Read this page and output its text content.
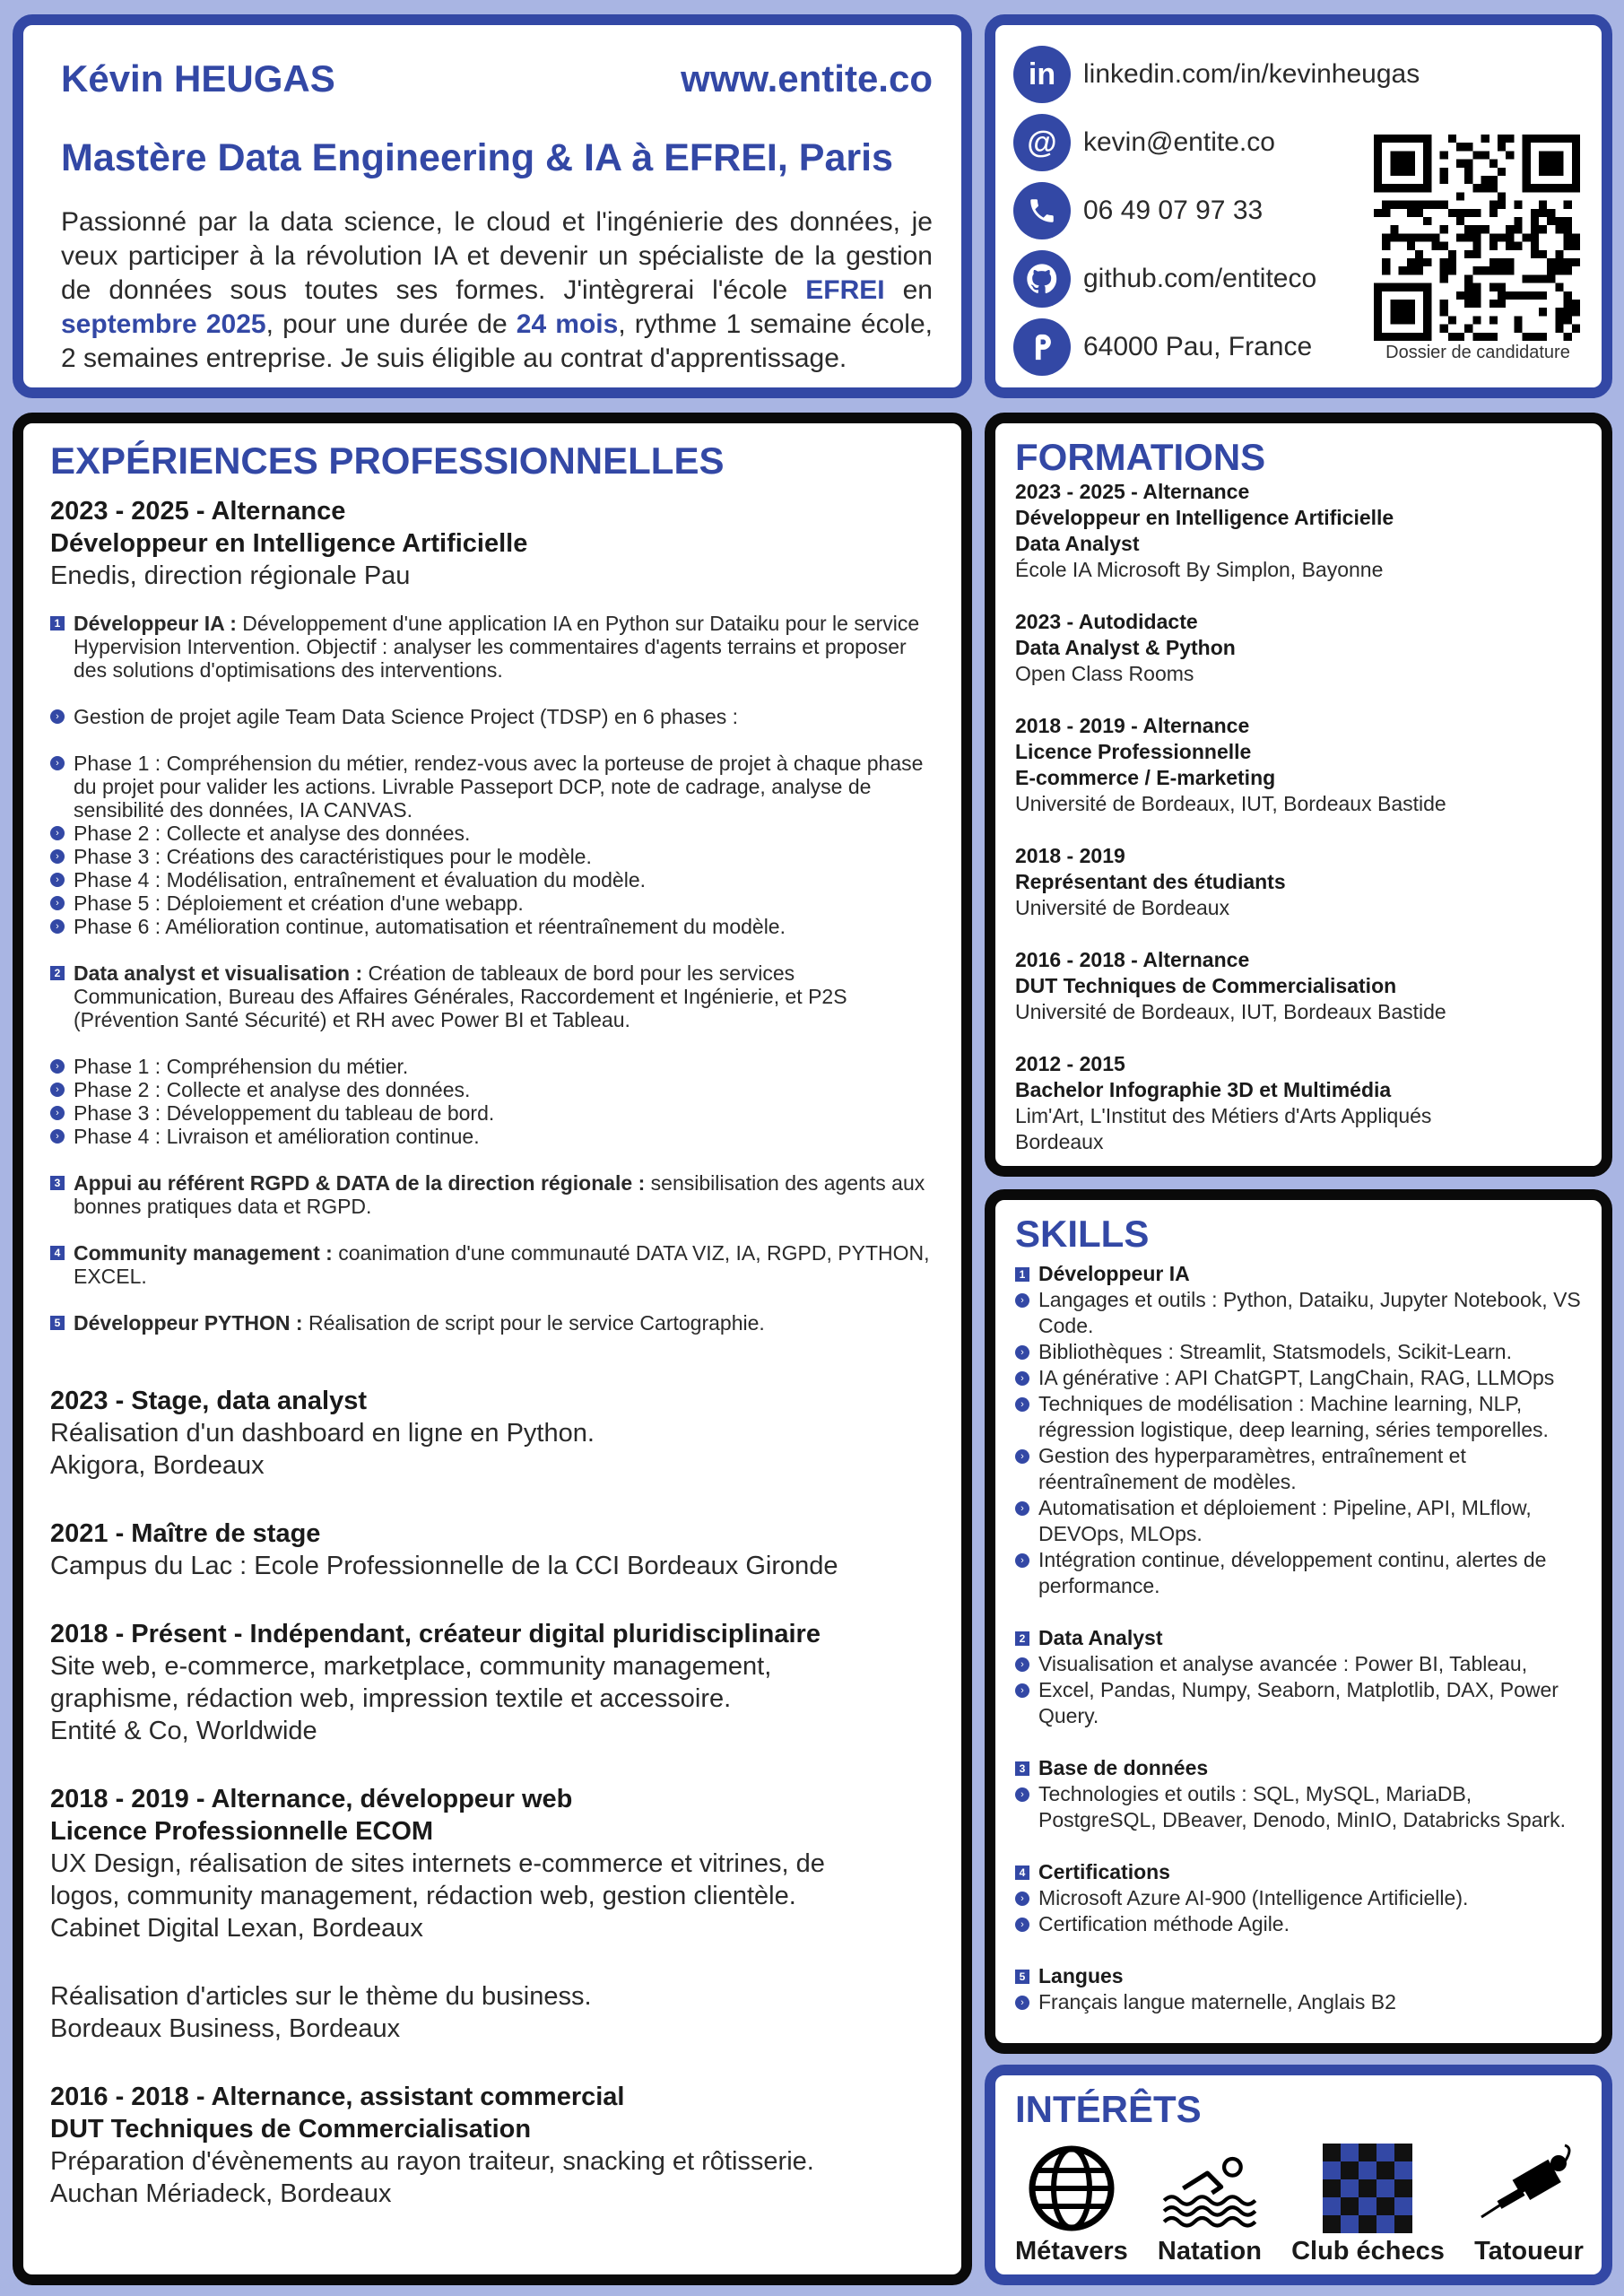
Kévin HEUGAS	www.entite.co
Mastère Data Engineering & IA à EFREI, Paris
Passionné par la data science, le cloud et l'ingénierie des données, je veux participer à la révolution IA et devenir un spécialiste de la gestion de données sous toutes ses formes. J'intègrerai l'école EFREI en septembre 2025, pour une durée de 24 mois, rythme 1 semaine école, 2 semaines entreprise. Je suis éligible au contrat d'apprentissage.
in	linkedin.com/in/kevinheugas
@ kevin@entite.co
06 49 07 97 33
github.com/entiteco
64000 Pau, France	Dossier de candidature
EXPÉRIENCES PROFESSIONNELLES
2023 - 2025 - Alternance
Développeur en Intelligence Artificielle
Enedis, direction régionale Pau
1 Développeur IA : Développement d'une application IA en Python sur Dataiku pour le service Hypervision Intervention. Objectif : analyser les commentaires d'agents terrains et proposer des solutions d'optimisations des interventions.
› Gestion de projet agile Team Data Science Project (TDSP) en 6 phases :
› Phase 1 : Compréhension du métier, rendez-vous avec la porteuse de projet à chaque phase du projet pour valider les actions. Livrable Passeport DCP, note de cadrage, analyse de sensibilité des données, IA CANVAS.
› Phase 2 : Collecte et analyse des données.
› Phase 3 : Créations des caractéristiques pour le modèle.
› Phase 4 : Modélisation, entraînement et évaluation du modèle.
› Phase 5 : Déploiement et création d'une webapp.
› Phase 6 : Amélioration continue, automatisation et réentraînement du modèle.
2 Data analyst et visualisation : Création de tableaux de bord pour les services Communication, Bureau des Affaires Générales, Raccordement et Ingénierie, et P2S (Prévention Santé Sécurité) et RH avec Power BI et Tableau.
› Phase 1 : Compréhension du métier.
› Phase 2 : Collecte et analyse des données.
› Phase 3 : Développement du tableau de bord.
› Phase 4 : Livraison et amélioration continue.
3 Appui au référent RGPD & DATA de la direction régionale : sensibilisation des agents aux bonnes pratiques data et RGPD.
4 Community management : coanimation d'une communauté DATA VIZ, IA, RGPD, PYTHON, EXCEL.
5 Développeur PYTHON : Réalisation de script pour le service Cartographie.
2023 - Stage, data analyst
Réalisation d'un dashboard en ligne en Python.
Akigora, Bordeaux
2021 - Maître de stage
Campus du Lac : Ecole Professionnelle de la CCI Bordeaux Gironde
2018 - Présent - Indépendant, créateur digital pluridisciplinaire
Site web, e-commerce, marketplace, community management,
graphisme, rédaction web, impression textile et accessoire.
Entité & Co, Worldwide
2018 - 2019 - Alternance, développeur web
Licence Professionnelle ECOM
UX Design, réalisation de sites internets e-commerce et vitrines, de
logos, community management, rédaction web, gestion clientèle.
Cabinet Digital Lexan, Bordeaux
Réalisation d'articles sur le thème du business.
Bordeaux Business, Bordeaux
2016 - 2018 - Alternance, assistant commercial
DUT Techniques de Commercialisation
Préparation d'évènements au rayon traiteur, snacking et rôtisserie.
Auchan Mériadeck, Bordeaux
FORMATIONS
2023 - 2025 - Alternance
Développeur en Intelligence Artificielle
Data Analyst
École IA Microsoft By Simplon, Bayonne
2023 - Autodidacte
Data Analyst & Python
Open Class Rooms
2018 - 2019 - Alternance
Licence Professionnelle
E-commerce / E-marketing
Université de Bordeaux, IUT, Bordeaux Bastide
2018 - 2019
Représentant des étudiants
Université de Bordeaux
2016 - 2018 - Alternance
DUT Techniques de Commercialisation
Université de Bordeaux, IUT, Bordeaux Bastide
2012 - 2015
Bachelor Infographie 3D et Multimédia
Lim'Art, L'Institut des Métiers d'Arts Appliqués
Bordeaux
SKILLS
1 Développeur IA
› Langages et outils : Python, Dataiku, Jupyter Notebook, VS Code.
› Bibliothèques : Streamlit, Statsmodels, Scikit-Learn.
› IA générative : API ChatGPT, LangChain, RAG, LLMOps
› Techniques de modélisation : Machine learning, NLP, régression logistique, deep learning, séries temporelles.
› Gestion des hyperparamètres, entraînement et réentraînement de modèles.
› Automatisation et déploiement : Pipeline, API, MLflow, DEVOps, MLOps.
› Intégration continue, développement continu, alertes de performance.
2 Data Analyst
› Visualisation et analyse avancée : Power BI, Tableau,
› Excel, Pandas, Numpy, Seaborn, Matplotlib, DAX, Power Query.
3 Base de données
› Technologies et outils : SQL, MySQL, MariaDB, PostgreSQL, DBeaver, Denodo, MinIO, Databricks Spark.
4 Certifications
› Microsoft Azure AI-900 (Intelligence Artificielle).
› Certification méthode Agile.
5 Langues
› Français langue maternelle, Anglais B2
INTÉRÊTS
Métavers Natation Club échecs Tatoueur
